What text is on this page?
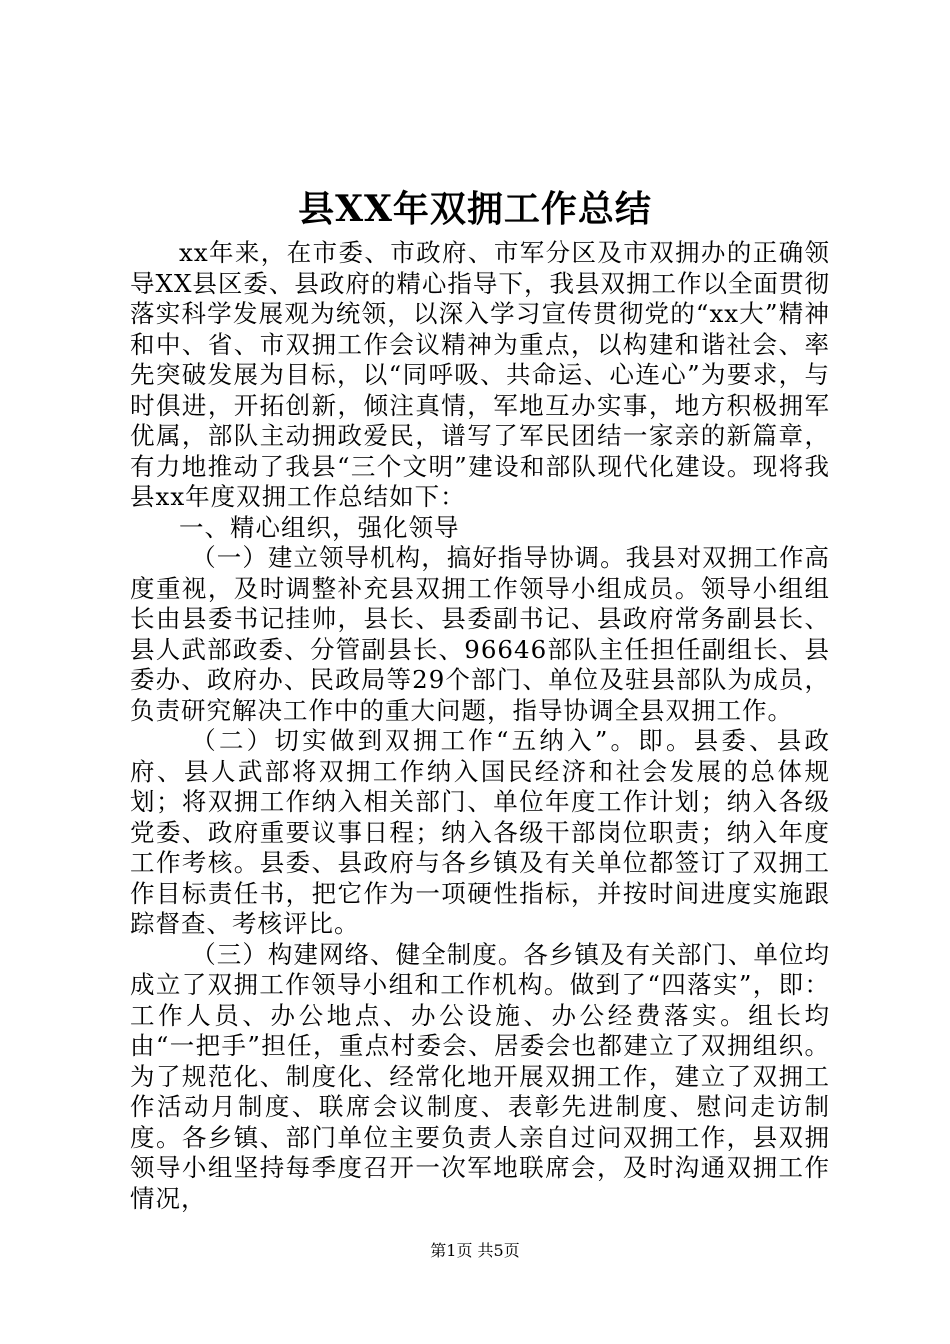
县XX年双拥工作总结

xx年来，在市委、市政府、市军分区及市双拥办的正确领导XX县区委、县政府的精心指导下，我县双拥工作以全面贯彻落实科学发展观为统领，以深入学习宣传贯彻党的“xx大”精神和中、省、市双拥工作会议精神为重点，以构建和谐社会、率先突破发展为目标，以“同呼吸、共命运、心连心”为要求，与时俱进，开拓创新，倾注真情，军地互办实事，地方积极拥军优属，部队主动拥政爱民，谱写了军民团结一家亲的新篇章，有力地推动了我县“三个文明”建设和部队现代化建设。现将我县xx年度双拥工作总结如下：

一、精心组织，强化领导

（一）建立领导机构，搞好指导协调。我县对双拥工作高度重视，及时调整补充县双拥工作领导小组成员。领导小组组长由县委书记挂帅，县长、县委副书记、县政府常务副县长、县人武部政委、分管副县长、96646部队主任担任副组长、县委办、政府办、民政局等29个部门、单位及驻县部队为成员，负责研究解决工作中的重大问题，指导协调全县双拥工作。

（二）切实做到双拥工作“五纳入”。即。县委、县政府、县人武部将双拥工作纳入国民经济和社会发展的总体规划；将双拥工作纳入相关部门、单位年度工作计划；纳入各级党委、政府重要议事日程；纳入各级干部岗位职责；纳入年度工作考核。县委、县政府与各乡镇及有关单位都签订了双拥工作目标责任书，把它作为一项硬性指标，并按时间进度实施跟踪督查、考核评比。

（三）构建网络、健全制度。各乡镇及有关部门、单位均成立了双拥工作领导小组和工作机构。做到了“四落实”，即：工作人员、办公地点、办公设施、办公经费落实。组长均由“一把手”担任，重点村委会、居委会也都建立了双拥组织。为了规范化、制度化、经常化地开展双拥工作，建立了双拥工作活动月制度、联席会议制度、表彰先进制度、慰问走访制度。各乡镇、部门单位主要负责人亲自过问双拥工作，县双拥领导小组坚持每季度召开一次军地联席会，及时沟通双拥工作情况，

第1页 共5页
